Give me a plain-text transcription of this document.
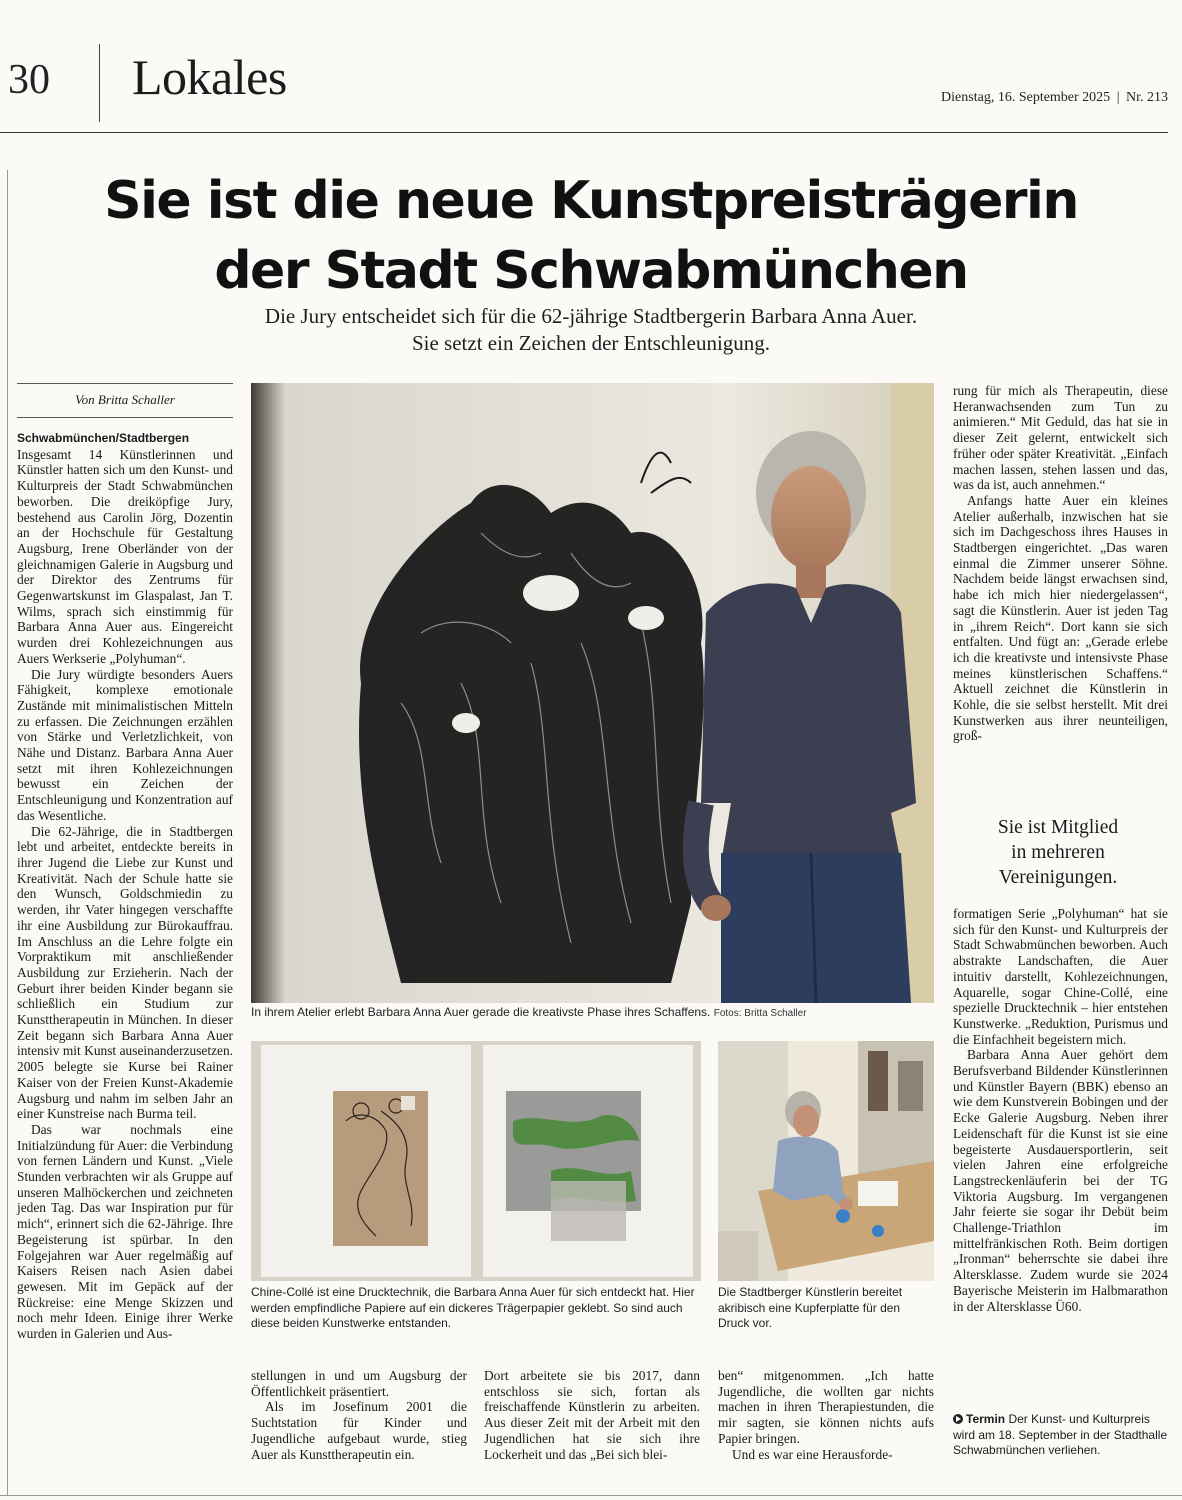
30 Lokales	Dienstag, 16. September 2025 | Nr. 213
Sie ist die neue Kunstpreisträgerin
der Stadt Schwabmünchen
Die Jury entscheidet sich für die 62-jährige Stadtbergerin Barbara Anna Auer.
Sie setzt ein Zeichen der Entschleunigung.
Von Britta Schaller

Schwabmünchen/Stadtbergen Insgesamt 14 Künstlerinnen und Künstler hatten sich um den Kunst- und Kulturpreis der Stadt Schwabmünchen beworben. Die dreiköpfige Jury, bestehend aus Carolin Jörg, Dozentin an der Hochschule für Gestaltung Augsburg, Irene Oberländer von der gleichnamigen Galerie in Augsburg und der Direktor des Zentrums für Gegenwartskunst im Glaspalast, Jan T. Wilms, sprach sich einstimmig für Barbara Anna Auer aus. Eingereicht wurden drei Kohlezeichnungen aus Auers Werkserie „Polyhuman“.

Die Jury würdigte besonders Auers Fähigkeit, komplexe emotionale Zustände mit minimalistischen Mitteln zu erfassen. Die Zeichnungen erzählen von Stärke und Verletzlichkeit, von Nähe und Distanz. Barbara Anna Auer setzt mit ihren Kohlezeichnungen bewusst ein Zeichen der Entschleunigung und Konzentration auf das Wesentliche.

Die 62-Jährige, die in Stadtbergen lebt und arbeitet, entdeckte bereits in ihrer Jugend die Liebe zur Kunst und Kreativität. Nach der Schule hatte sie den Wunsch, Goldschmiedin zu werden, ihr Vater hingegen verschaffte ihr eine Ausbildung zur Bürokauffrau. Im Anschluss an die Lehre folgte ein Vorpraktikum mit anschließender Ausbildung zur Erzieherin. Nach der Geburt ihrer beiden Kinder begann sie schließlich ein Studium zur Kunsttherapeutin in München. In dieser Zeit begann sich Barbara Anna Auer intensiv mit Kunst auseinanderzusetzen. 2005 belegte sie Kurse bei Rainer Kaiser von der Freien Kunst-Akademie Augsburg und nahm im selben Jahr an einer Kunstreise nach Burma teil.

Das war nochmals eine Initialzündung für Auer: die Verbindung von fernen Ländern und Kunst. „Viele Stunden verbrachten wir als Gruppe auf unseren Malhöckerchen und zeichneten jeden Tag. Das war Inspiration pur für mich“, erinnert sich die 62-Jährige. Ihre Begeisterung ist spürbar. In den Folgejahren war Auer regelmäßig auf Kaisers Reisen nach Asien dabei gewesen. Mit im Gepäck auf der Rückreise: eine Menge Skizzen und noch mehr Ideen. Einige ihrer Werke wurden in Galerien und Aus-

In ihrem Atelier erlebt Barbara Anna Auer gerade die kreativste Phase ihres Schaffens. Fotos: Britta Schaller
Chine-Collé ist eine Drucktechnik, die Barbara Anna Auer für sich entdeckt hat. Hier werden empfindliche Papiere auf ein dickeres Trägerpapier geklebt. So sind auch diese beiden Kunstwerke entstanden.
Die Stadtberger Künstlerin bereitet akribisch eine Kupferplatte für den Druck vor.

stellungen in und um Augsburg der Öffentlichkeit präsentiert.

Als im Josefinum 2001 die Suchtstation für Kinder und Jugendliche aufgebaut wurde, stieg Auer als Kunsttherapeutin ein.

Dort arbeitete sie bis 2017, dann entschloss sie sich, fortan als freischaffende Künstlerin zu arbeiten. Aus dieser Zeit mit der Arbeit mit den Jugendlichen hat sie sich ihre Lockerheit und das „Bei sich blei-

ben“ mitgenommen. „Ich hatte Jugendliche, die wollten gar nichts machen in ihren Therapiestunden, die mir sagten, sie können nichts aufs Papier bringen.

Und es war eine Herausforde-

rung für mich als Therapeutin, diese Heranwachsenden zum Tun zu animieren.“ Mit Geduld, das hat sie in dieser Zeit gelernt, entwickelt sich früher oder später Kreativität. „Einfach machen lassen, stehen lassen und das, was da ist, auch annehmen.“

Anfangs hatte Auer ein kleines Atelier außerhalb, inzwischen hat sie sich im Dachgeschoss ihres Hauses in Stadtbergen eingerichtet. „Das waren einmal die Zimmer unserer Söhne. Nachdem beide längst erwachsen sind, habe ich mich hier niedergelassen“, sagt die Künstlerin. Auer ist jeden Tag in „ihrem Reich“. Dort kann sie sich entfalten. Und fügt an: „Gerade erlebe ich die kreativste und intensivste Phase meines künstlerischen Schaffens.“ Aktuell zeichnet die Künstlerin in Kohle, die sie selbst herstellt. Mit drei Kunstwerken aus ihrer neunteiligen, groß-

Sie ist Mitglied
in mehreren
Vereinigungen.

formatigen Serie „Polyhuman“ hat sie sich für den Kunst- und Kulturpreis der Stadt Schwabmünchen beworben. Auch abstrakte Landschaften, die Auer intuitiv darstellt, Kohlezeichnungen, Aquarelle, sogar Chine-Collé, eine spezielle Drucktechnik – hier entstehen Kunstwerke. „Reduktion, Purismus und die Einfachheit begeistern mich.

Barbara Anna Auer gehört dem Berufsverband Bildender Künstlerinnen und Künstler Bayern (BBK) ebenso an wie dem Kunstverein Bobingen und der Ecke Galerie Augsburg. Neben ihrer Leidenschaft für die Kunst ist sie eine begeisterte Ausdauersportlerin, seit vielen Jahren eine erfolgreiche Langstreckenläuferin bei der TG Viktoria Augsburg. Im vergangenen Jahr feierte sie sogar ihr Debüt beim Challenge-Triathlon im mittelfränkischen Roth. Beim dortigen „Ironman“ beherrschte sie dabei ihre Altersklasse. Zudem wurde sie 2024 Bayerische Meisterin im Halbmarathon in der Altersklasse Ü60.

Termin Der Kunst- und Kulturpreis wird am 18. September in der Stadthalle Schwabmünchen verliehen.
